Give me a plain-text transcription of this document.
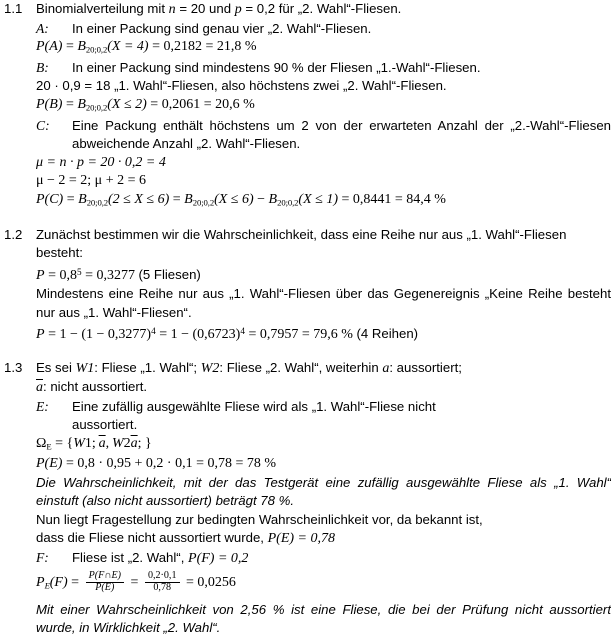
1.1	Binomialverteilung mit n = 20 und p = 0,2 für „2. Wahl“-Fliesen.
A:	In einer Packung sind genau vier „2. Wahl“-Fliesen.
$P(A) = B_{20;0,2}(X = 4) = 0,2182 = 21,8$ %
B:	In einer Packung sind mindestens 90 % der Fliesen „1.-Wahl“-Fliesen.
20 · 0,9 = 18 „1. Wahl“-Fliesen, also höchstens zwei „2. Wahl“-Fliesen.
$P(B) = B_{20;0,2}(X \le 2) = 0,2061 = 20,6$ %
C:	Eine Packung enthält höchstens um 2 von der erwarteten Anzahl der „2.-Wahl“-Fliesen abweichende Anzahl „2. Wahl“-Fliesen.
μ = n · p = 20 · 0,2 = 4
μ − 2 = 2; μ + 2 = 6
$P(C) = B_{20;0,2}(2 \le X \le 6) = B_{20;0,2}(X \le 6) - B_{20;0,2}(X \le 1) = 0,8441 = 84,4$ %
1.2	Zunächst bestimmen wir die Wahrscheinlichkeit, dass eine Reihe nur aus „1. Wahl“-Fliesen besteht:
$P = 0,8^5 = 0,3277$ (5 Fliesen)
Mindestens eine Reihe nur aus „1. Wahl“-Fliesen über das Gegenereignis „Keine Reihe besteht nur aus „1. Wahl“-Fliesen“.
$P = 1 - (1 - 0,3277)^4 = 1 - (0,6723)^4 = 0,7957 = 79,6$ % (4 Reihen)
1.3	Es sei W1: Fliese „1. Wahl“; W2: Fliese „2. Wahl“, weiterhin a: aussortiert;
$\overline{a}$: nicht aussortiert.
E:	Eine zufällig ausgewählte Fliese wird als „1. Wahl“-Fliese nicht
aussortiert.
$\Omega_E = \{W1$; $\overline{a}$, $W2\overline{a}$; }
P(E) = 0,8 · 0,95 + 0,2 · 0,1 = 0,78 = 78 %
Die Wahrscheinlichkeit, mit der das Testgerät eine zufällig ausgewählte Fliese als „1. Wahl“ einstuft (also nicht aussortiert) beträgt 78 %.
Nun liegt Fragestellung zur bedingten Wahrscheinlichkeit vor, da bekannt ist,
dass die Fliese nicht aussortiert wurde, P(E) = 0,78
F:	Fliese ist „2. Wahl“, P(F) = 0,2
$P_E(F) = \frac{P(F\cap E)}{P(E)} = \frac{0,2\cdot 0,1}{0,78} = 0,0256$
Mit einer Wahrscheinlichkeit von 2,56 % ist eine Fliese, die bei der Prüfung nicht aussortiert wurde, in Wirklichkeit „2. Wahl“.
